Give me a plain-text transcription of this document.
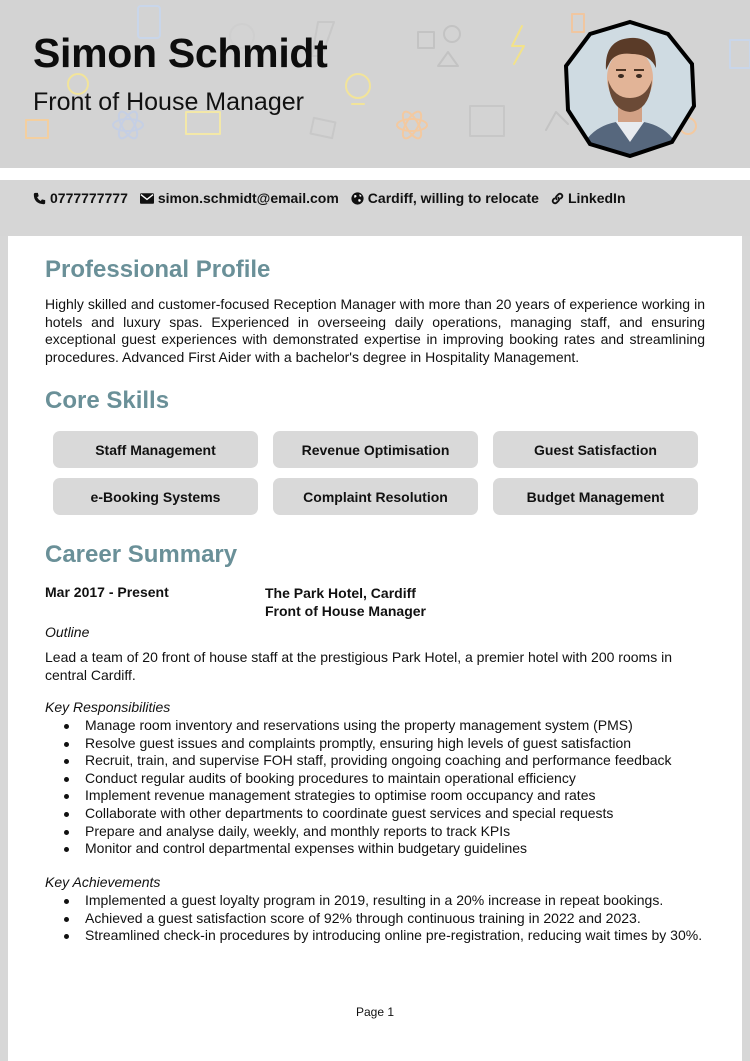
Simon Schmidt
Front of House Manager
0777777777 simon.schmidt@email.com Cardiff, willing to relocate LinkedIn
Professional Profile
Highly skilled and customer-focused Reception Manager with more than 20 years of experience working in hotels and luxury spas. Experienced in overseeing daily operations, managing staff, and ensuring exceptional guest experiences with demonstrated expertise in improving booking rates and streamlining procedures. Advanced First Aider with a bachelor's degree in Hospitality Management.
Core Skills
Staff Management	Revenue Optimisation	Guest Satisfaction
e-Booking Systems	Complaint Resolution	Budget Management
Career Summary
Mar 2017 - Present	The Park Hotel, Cardiff
Front of House Manager
Outline
Lead a team of 20 front of house staff at the prestigious Park Hotel, a premier hotel with 200 rooms in central Cardiff.
Key Responsibilities
Manage room inventory and reservations using the property management system (PMS)
Resolve guest issues and complaints promptly, ensuring high levels of guest satisfaction
Recruit, train, and supervise FOH staff, providing ongoing coaching and performance feedback
Conduct regular audits of booking procedures to maintain operational efficiency
Implement revenue management strategies to optimise room occupancy and rates
Collaborate with other departments to coordinate guest services and special requests
Prepare and analyse daily, weekly, and monthly reports to track KPIs
Monitor and control departmental expenses within budgetary guidelines
Key Achievements
Implemented a guest loyalty program in 2019, resulting in a 20% increase in repeat bookings.
Achieved a guest satisfaction score of 92% through continuous training in 2022 and 2023.
Streamlined check-in procedures by introducing online pre-registration, reducing wait times by 30%.
Page 1
